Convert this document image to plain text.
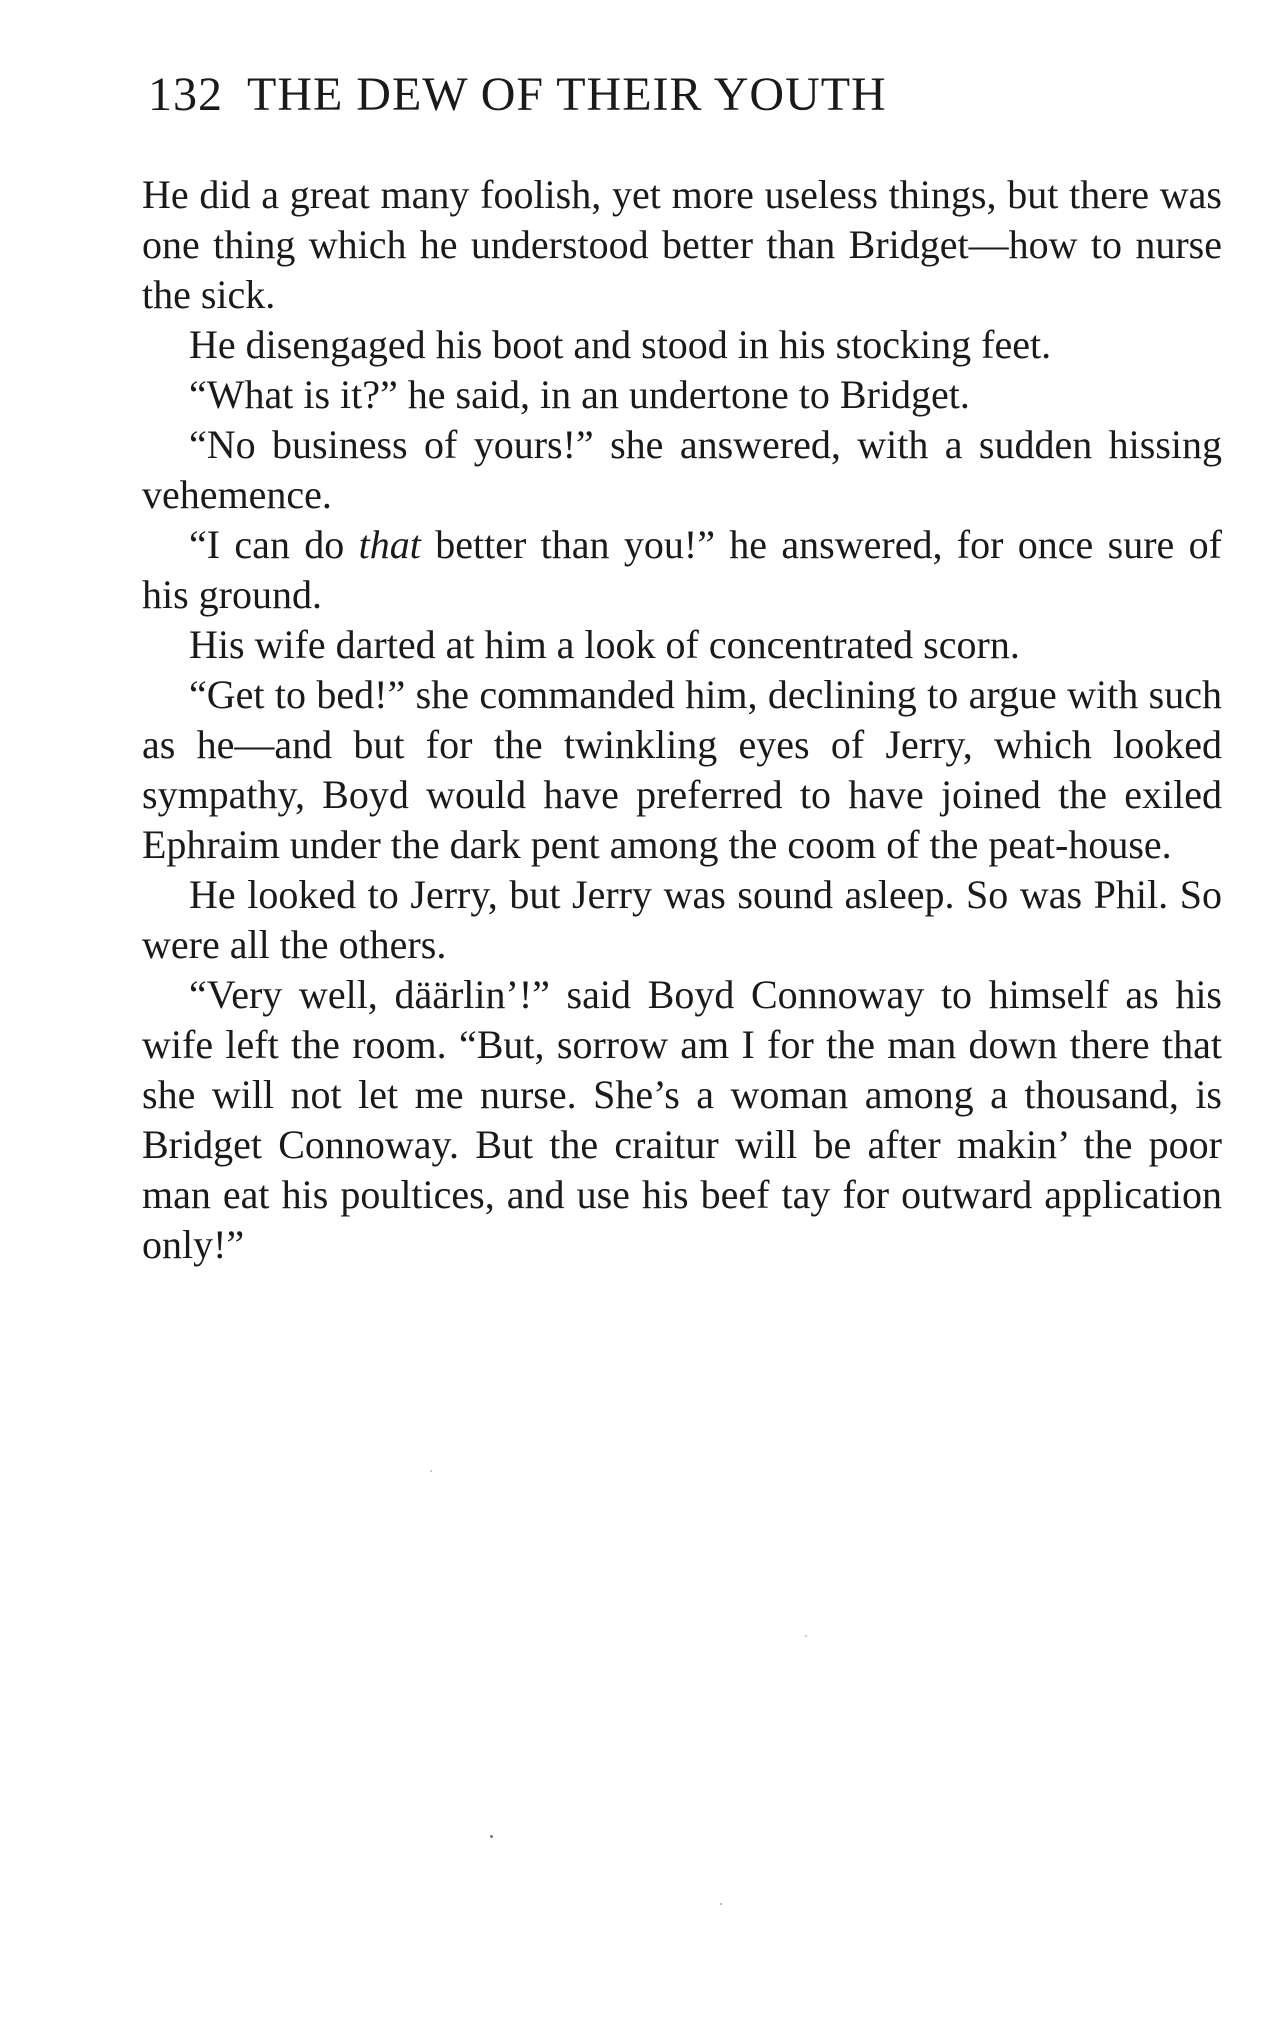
132 THE DEW OF THEIR YOUTH

He did a great many foolish, yet more useless things, but there was one thing which he understood better than Bridget—how to nurse the sick.

He disengaged his boot and stood in his stocking feet.

“What is it?” he said, in an undertone to Bridget.

“No business of yours!” she answered, with a sudden hissing vehemence.

“I can do that better than you!” he answered, for once sure of his ground.

His wife darted at him a look of concentrated scorn.

“Get to bed!” she commanded him, declining to argue with such as he—and but for the twinkling eyes of Jerry, which looked sympathy, Boyd would have preferred to have joined the exiled Ephraim under the dark pent among the coom of the peat-house.

He looked to Jerry, but Jerry was sound asleep. So was Phil. So were all the others.

“Very well, däärlin’!” said Boyd Connoway to himself as his wife left the room. “But, sorrow am I for the man down there that she will not let me nurse. She’s a woman among a thousand, is Bridget Connoway. But the craitur will be after makin’ the poor man eat his poultices, and use his beef tay for outward application only!”
